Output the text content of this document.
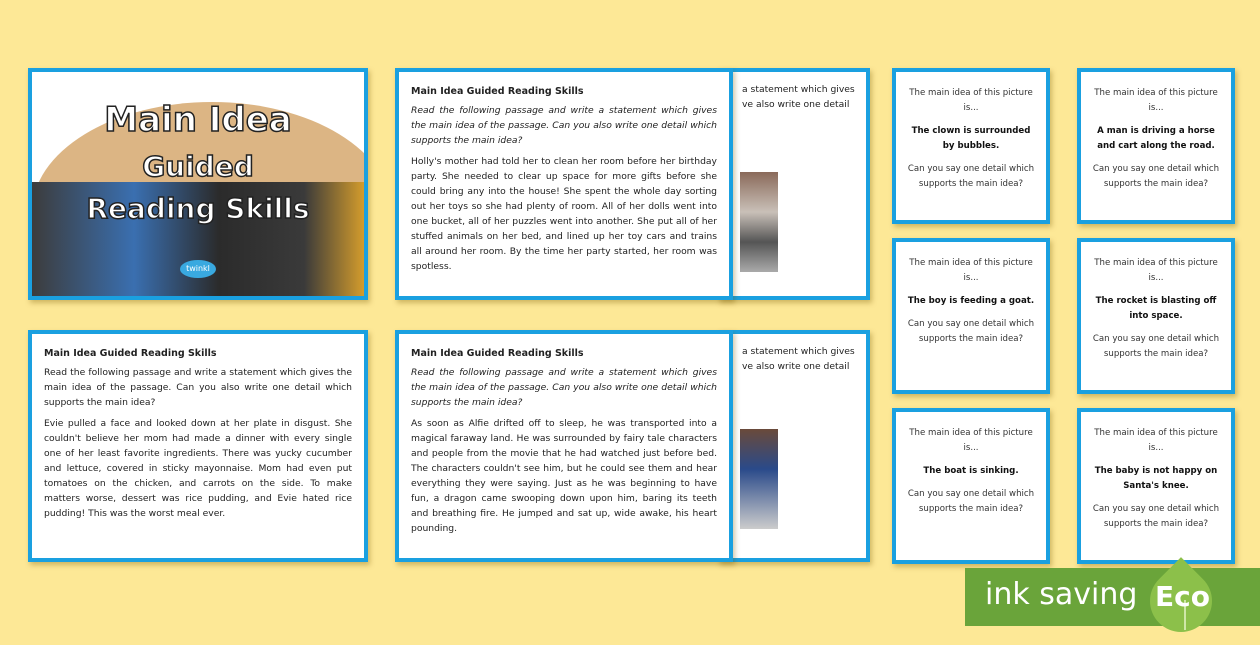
twinkl
Main Idea
Guided
Reading Skills
a statement which gives ve also write one detail
a statement which gives ve also write one detail
Main Idea Guided Reading Skills

Read the following passage and write a statement which gives the main idea of the passage. Can you also write one detail which supports the main idea?

Holly's mother had told her to clean her room before her birthday party. She needed to clear up space for more gifts before she could bring any into the house! She spent the whole day sorting out her toys so she had plenty of room. All of her dolls went into one bucket, all of her puzzles went into another. She put all of her stuffed animals on her bed, and lined up her toy cars and trains all around her room. By the time her party started, her room was spotless.

Main Idea Guided Reading Skills

Read the following passage and write a statement which gives the main idea of the passage. Can you also write one detail which supports the main idea?

Evie pulled a face and looked down at her plate in disgust. She couldn't believe her mom had made a dinner with every single one of her least favorite ingredients. There was yucky cucumber and lettuce, covered in sticky mayonnaise. Mom had even put tomatoes on the chicken, and carrots on the side. To make matters worse, dessert was rice pudding, and Evie hated rice pudding! This was the worst meal ever.

Main Idea Guided Reading Skills

Read the following passage and write a statement which gives the main idea of the passage. Can you also write one detail which supports the main idea?

As soon as Alfie drifted off to sleep, he was transported into a magical faraway land. He was surrounded by fairy tale characters and people from the movie that he had watched just before bed. The characters couldn't see him, but he could see them and hear everything they were saying. Just as he was beginning to have fun, a dragon came swooping down upon him, baring its teeth and breathing fire. He jumped and sat up, wide awake, his heart pounding.

The main idea of this picture is...
The clown is surrounded by bubbles.
Can you say one detail which supports the main idea?
The main idea of this picture is...
A man is driving a horse and cart along the road.
Can you say one detail which supports the main idea?
The main idea of this picture is...
The boy is feeding a goat.
Can you say one detail which supports the main idea?
The main idea of this picture is...
The rocket is blasting off into space.
Can you say one detail which supports the main idea?
The main idea of this picture is...
The boat is sinking.
Can you say one detail which supports the main idea?
The main idea of this picture is...
The baby is not happy on Santa's knee.
Can you say one detail which supports the main idea?
ink saving Eco
